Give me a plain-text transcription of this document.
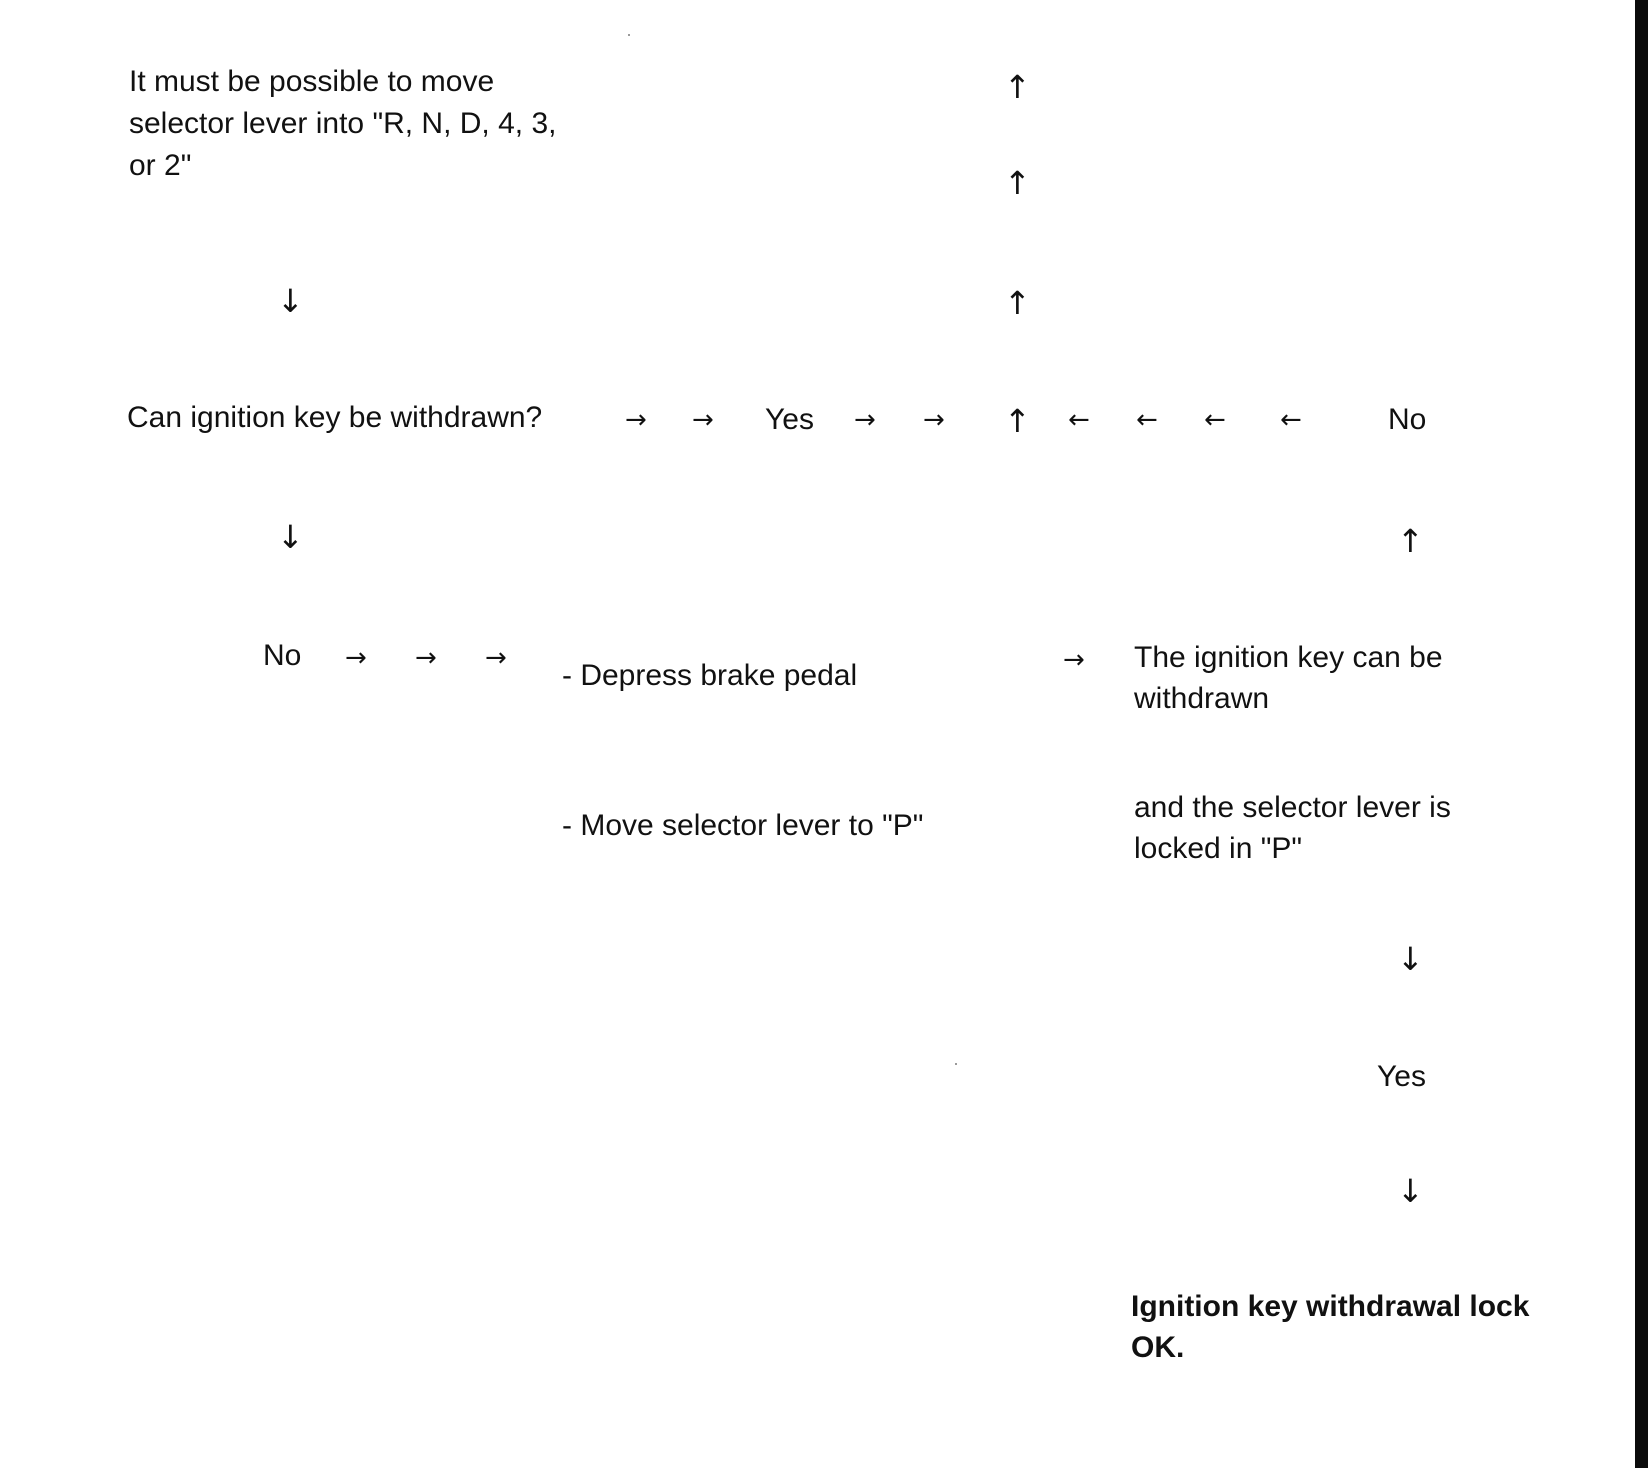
It must be possible to move
selector lever into "R, N, D, 4, 3,
or 2"
↑
↑
↑
↓
Can ignition key be withdrawn?	→ → Yes → → ↑ ← ← ← ←	No
↓	↑
No → → →
- Depress brake pedal	→ The ignition key can be
withdrawn
- Move selector lever to "P"
and the selector lever is
locked in "P"
↓
Yes
↓
Ignition key withdrawal lock
OK.
